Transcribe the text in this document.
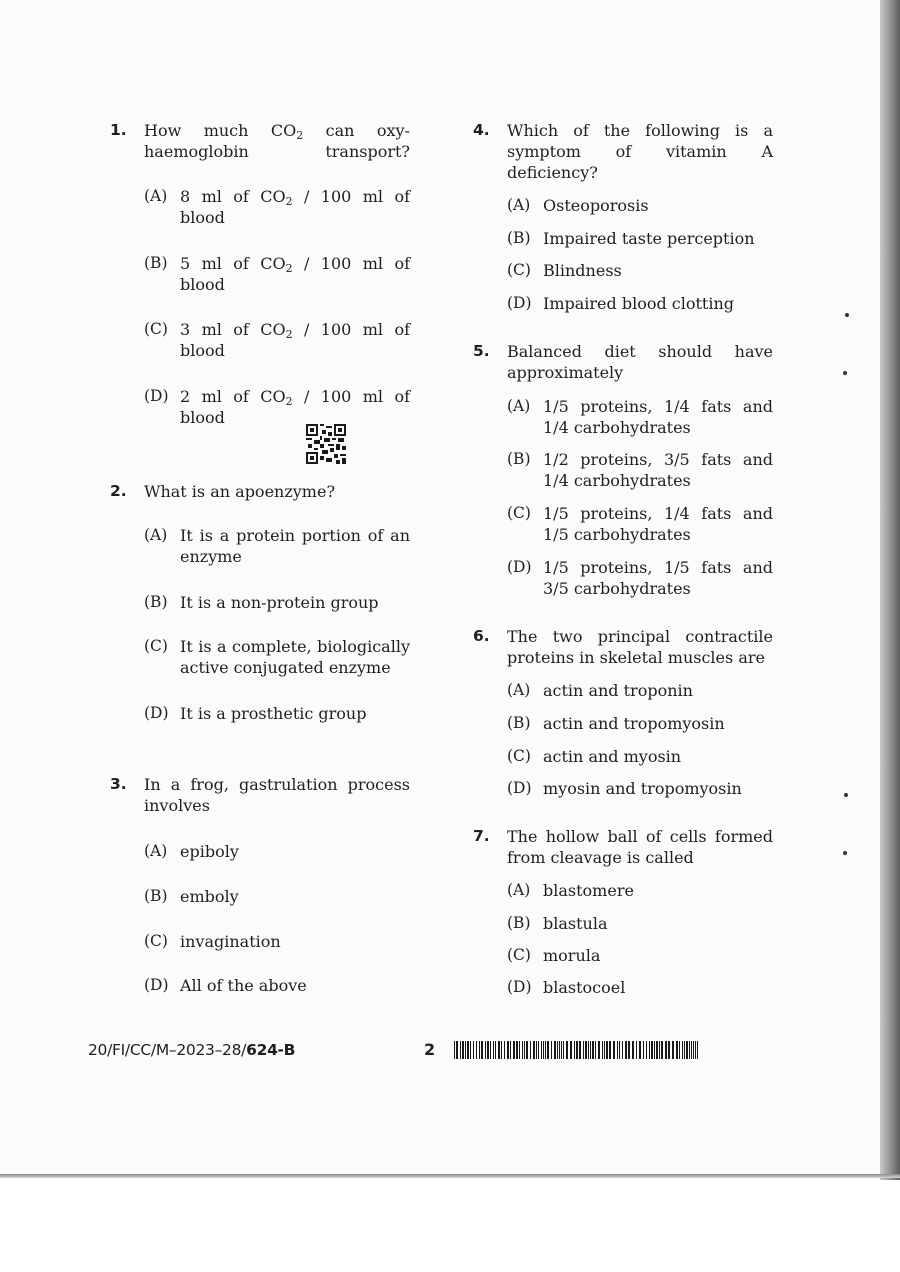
1.	How much $CO_2$ can oxy-haemoglobin transport?
(A) 8 ml of $CO_2 / 100$ ml of blood
(B) 5 ml of $CO_2 / 100$ ml of blood
(C) 3 ml of $CO_2 / 100$ ml of blood
(D) 2 ml of $CO_2 / 100$ ml of blood
2.	What is an apoenzyme?
(A) It is a protein portion of an enzyme
(B) It is a non-protein group
(C) It is a complete, biologically active conjugated enzyme
(D) It is a prosthetic group
3.	In a frog, gastrulation process involves
(A) epiboly
(B) emboly
(C) invagination
(D) All of the above
4.	Which of the following is a symptom of vitamin A deficiency?
(A) Osteoporosis
(B) Impaired taste perception
(C) Blindness
(D) Impaired blood clotting
5.	Balanced diet should have approximately
(A) 1/5 proteins, 1/4 fats and 1/4 carbohydrates
(B) 1/2 proteins, 3/5 fats and 1/4 carbohydrates
(C) 1/5 proteins, 1/4 fats and 1/5 carbohydrates
(D) 1/5 proteins, 1/5 fats and 3/5 carbohydrates
6.	The two principal contractile proteins in skeletal muscles are
(A) actin and troponin
(B) actin and tropomyosin
(C) actin and myosin
(D) myosin and tropomyosin
7.	The hollow ball of cells formed from cleavage is called
(A) blastomere
(B) blastula
(C) morula
(D) blastocoel
20/FI/CC/M–2023–28/624-B	2
